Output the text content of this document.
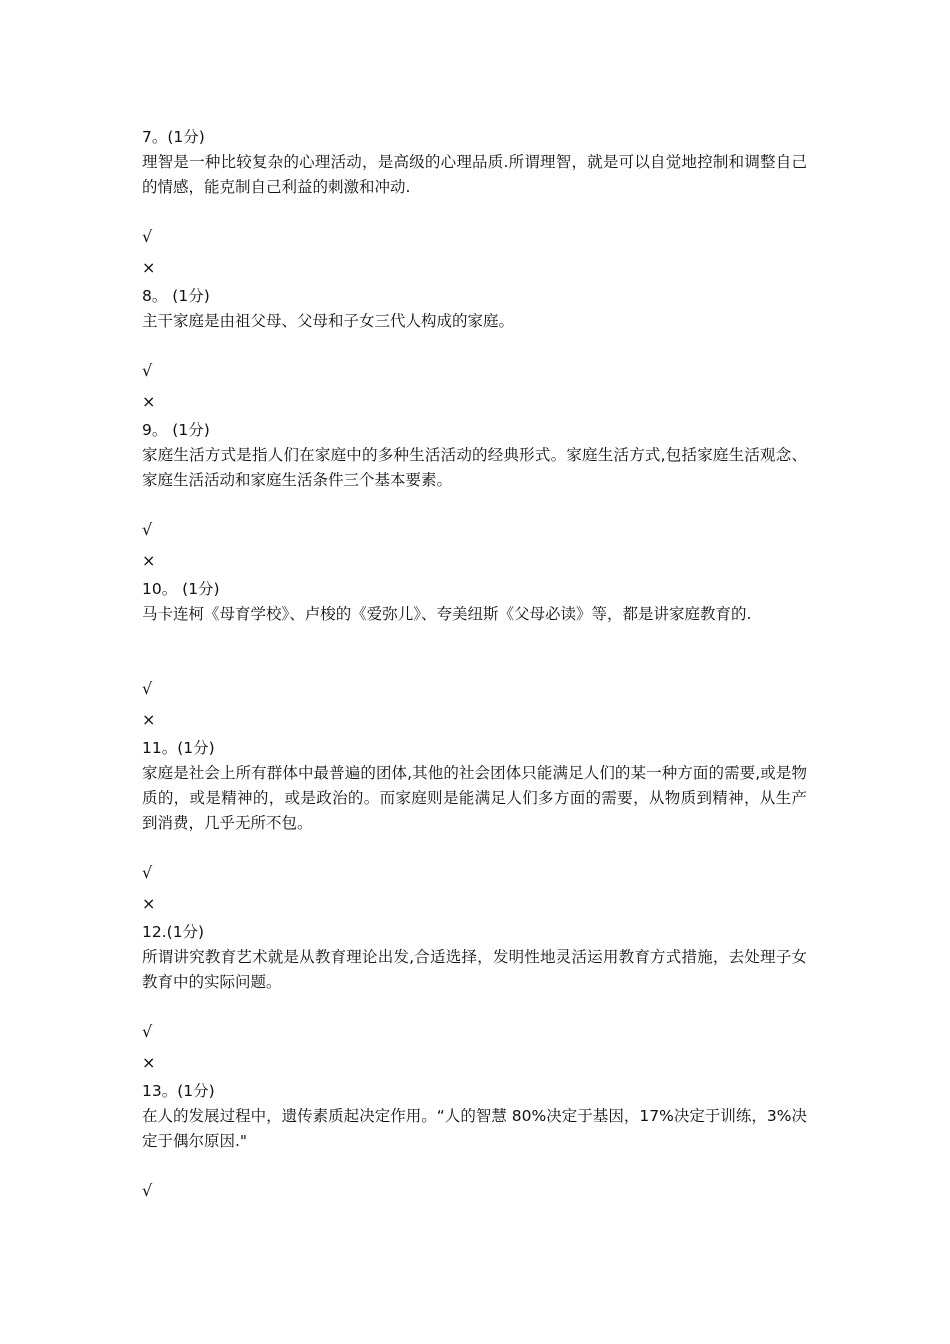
7。(1分)

理智是一种比较复杂的心理活动，是高级的心理品质.所谓理智，就是可以自觉地控制和调整自己的情感，能克制自己利益的刺激和冲动.

√
×
8。 (1分)

主干家庭是由祖父母、父母和子女三代人构成的家庭。

√
×
9。 (1分)

家庭生活方式是指人们在家庭中的多种生活活动的经典形式。家庭生活方式,包括家庭生活观念、家庭生活活动和家庭生活条件三个基本要素。

√
×
10。 (1分)

马卡连柯《母育学校》、卢梭的《爱弥儿》、夸美纽斯《父母必读》等，都是讲家庭教育的.

√
×
11。(1分)

家庭是社会上所有群体中最普遍的团体,其他的社会团体只能满足人们的某一种方面的需要,或是物质的，或是精神的，或是政治的。而家庭则是能满足人们多方面的需要，从物质到精神，从生产到消费，几乎无所不包。

√
×
12.(1分)

所谓讲究教育艺术就是从教育理论出发,合适选择，发明性地灵活运用教育方式措施，去处理子女教育中的实际问题。

√
×
13。(1分)

在人的发展过程中，遗传素质起决定作用。“人的智慧 80%决定于基因，17%决定于训练，3%决定于偶尔原因."

√
